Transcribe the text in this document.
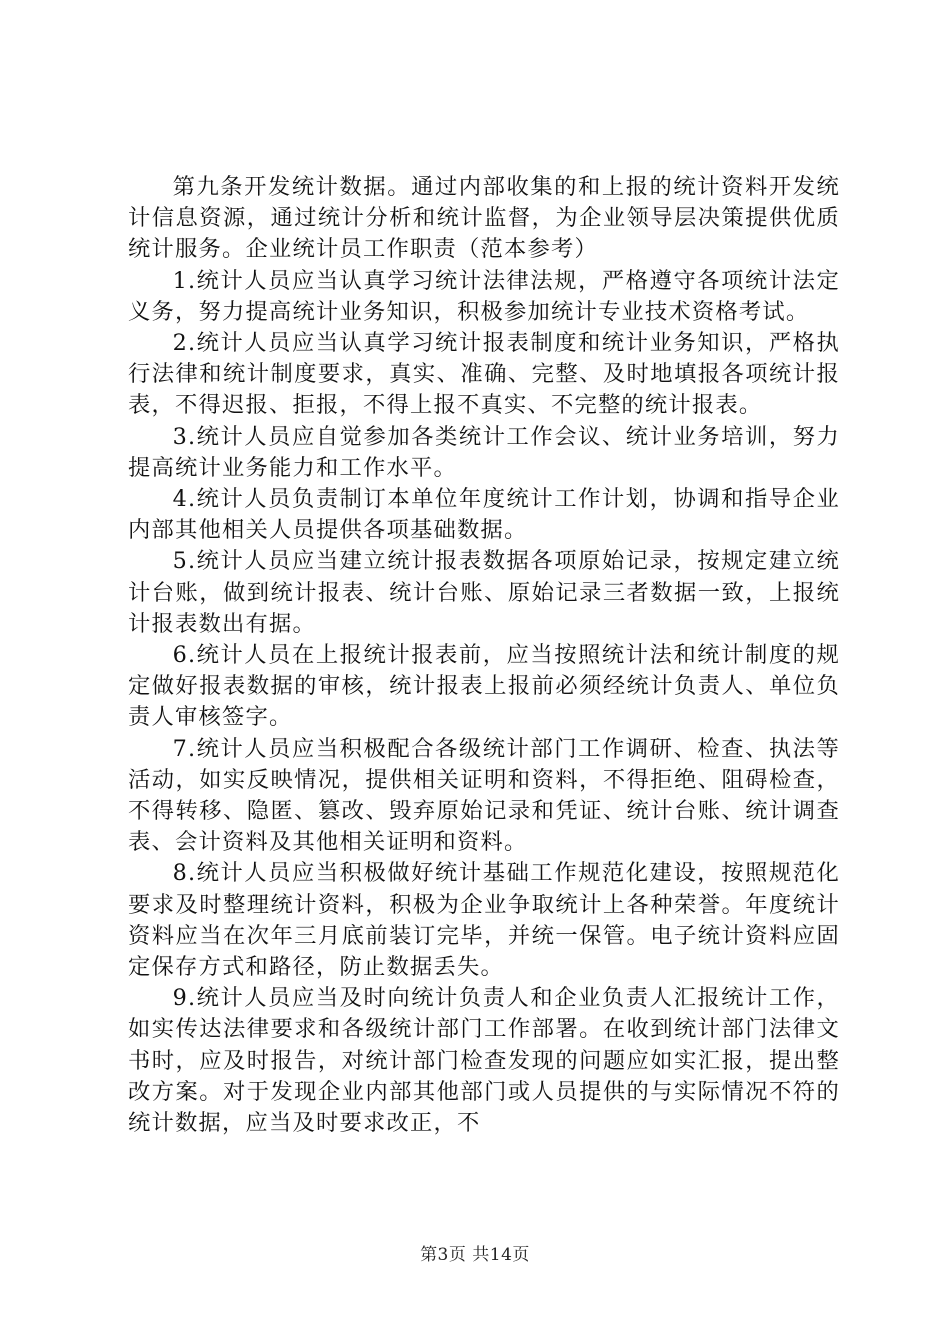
第九条开发统计数据。通过内部收集的和上报的统计资料开发统计信息资源，通过统计分析和统计监督，为企业领导层决策提供优质统计服务。企业统计员工作职责（范本参考）

1.统计人员应当认真学习统计法律法规，严格遵守各项统计法定义务，努力提高统计业务知识，积极参加统计专业技术资格考试。

2.统计人员应当认真学习统计报表制度和统计业务知识，严格执行法律和统计制度要求，真实、准确、完整、及时地填报各项统计报表，不得迟报、拒报，不得上报不真实、不完整的统计报表。

3.统计人员应自觉参加各类统计工作会议、统计业务培训，努力提高统计业务能力和工作水平。

4.统计人员负责制订本单位年度统计工作计划，协调和指导企业内部其他相关人员提供各项基础数据。

5.统计人员应当建立统计报表数据各项原始记录，按规定建立统计台账，做到统计报表、统计台账、原始记录三者数据一致，上报统计报表数出有据。

6.统计人员在上报统计报表前，应当按照统计法和统计制度的规定做好报表数据的审核，统计报表上报前必须经统计负责人、单位负责人审核签字。

7.统计人员应当积极配合各级统计部门工作调研、检查、执法等活动，如实反映情况，提供相关证明和资料，不得拒绝、阻碍检查，不得转移、隐匿、篡改、毁弃原始记录和凭证、统计台账、统计调查表、会计资料及其他相关证明和资料。

8.统计人员应当积极做好统计基础工作规范化建设，按照规范化要求及时整理统计资料，积极为企业争取统计上各种荣誉。年度统计资料应当在次年三月底前装订完毕，并统一保管。电子统计资料应固定保存方式和路径，防止数据丢失。

9.统计人员应当及时向统计负责人和企业负责人汇报统计工作，如实传达法律要求和各级统计部门工作部署。在收到统计部门法律文书时，应及时报告，对统计部门检查发现的问题应如实汇报，提出整改方案。对于发现企业内部其他部门或人员提供的与实际情况不符的统计数据，应当及时要求改正，不

第3页 共14页
